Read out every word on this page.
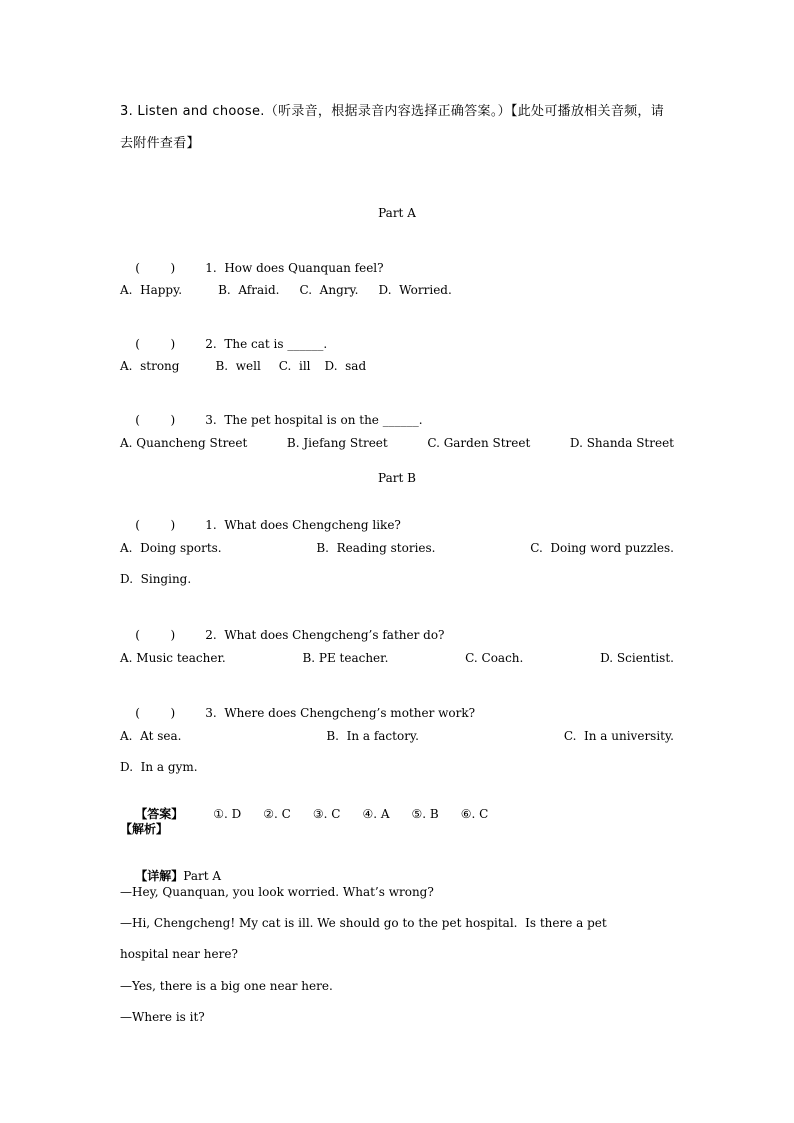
3. Listen and choose.（听录音，根据录音内容选择正确答案。）【此处可播放相关音频，请
去附件查看】
Part A

(        )	1.  How does Quanquan feel?

A.  Happy.	B.  Afraid. C.  Angry. D.  Worried.

(        )	2.  The cat is ______.

A.  strong	B.  well C.  ill D.  sad

(        )	3.  The pet hospital is on the ______.

A. Quancheng Street	B. Jiefang Street	C. Garden Street	D. Shanda Street
Part B

(        )	1.  What does Chengcheng like?

A.  Doing sports.	B.  Reading stories.	C.  Doing word puzzles.
D.  Singing.

(        )	2.  What does Chengcheng’s father do?

A. Music teacher.	B. PE teacher.	C. Coach.	D. Scientist.

(        )	3.  Where does Chengcheng’s mother work?

A.  At sea.	B.  In a factory.	C.  In a university.
D.  In a gym.

【答案】	①. D ②. C ③. C ④. A ⑤. B ⑥. C

【解析】

【详解】Part A

—Hey, Quanquan, you look worried. What’s wrong?
—Hi, Chengcheng! My cat is ill. We should go to the pet hospital.  Is there a pet
hospital near here?
—Yes, there is a big one near here.
—Where is it?
